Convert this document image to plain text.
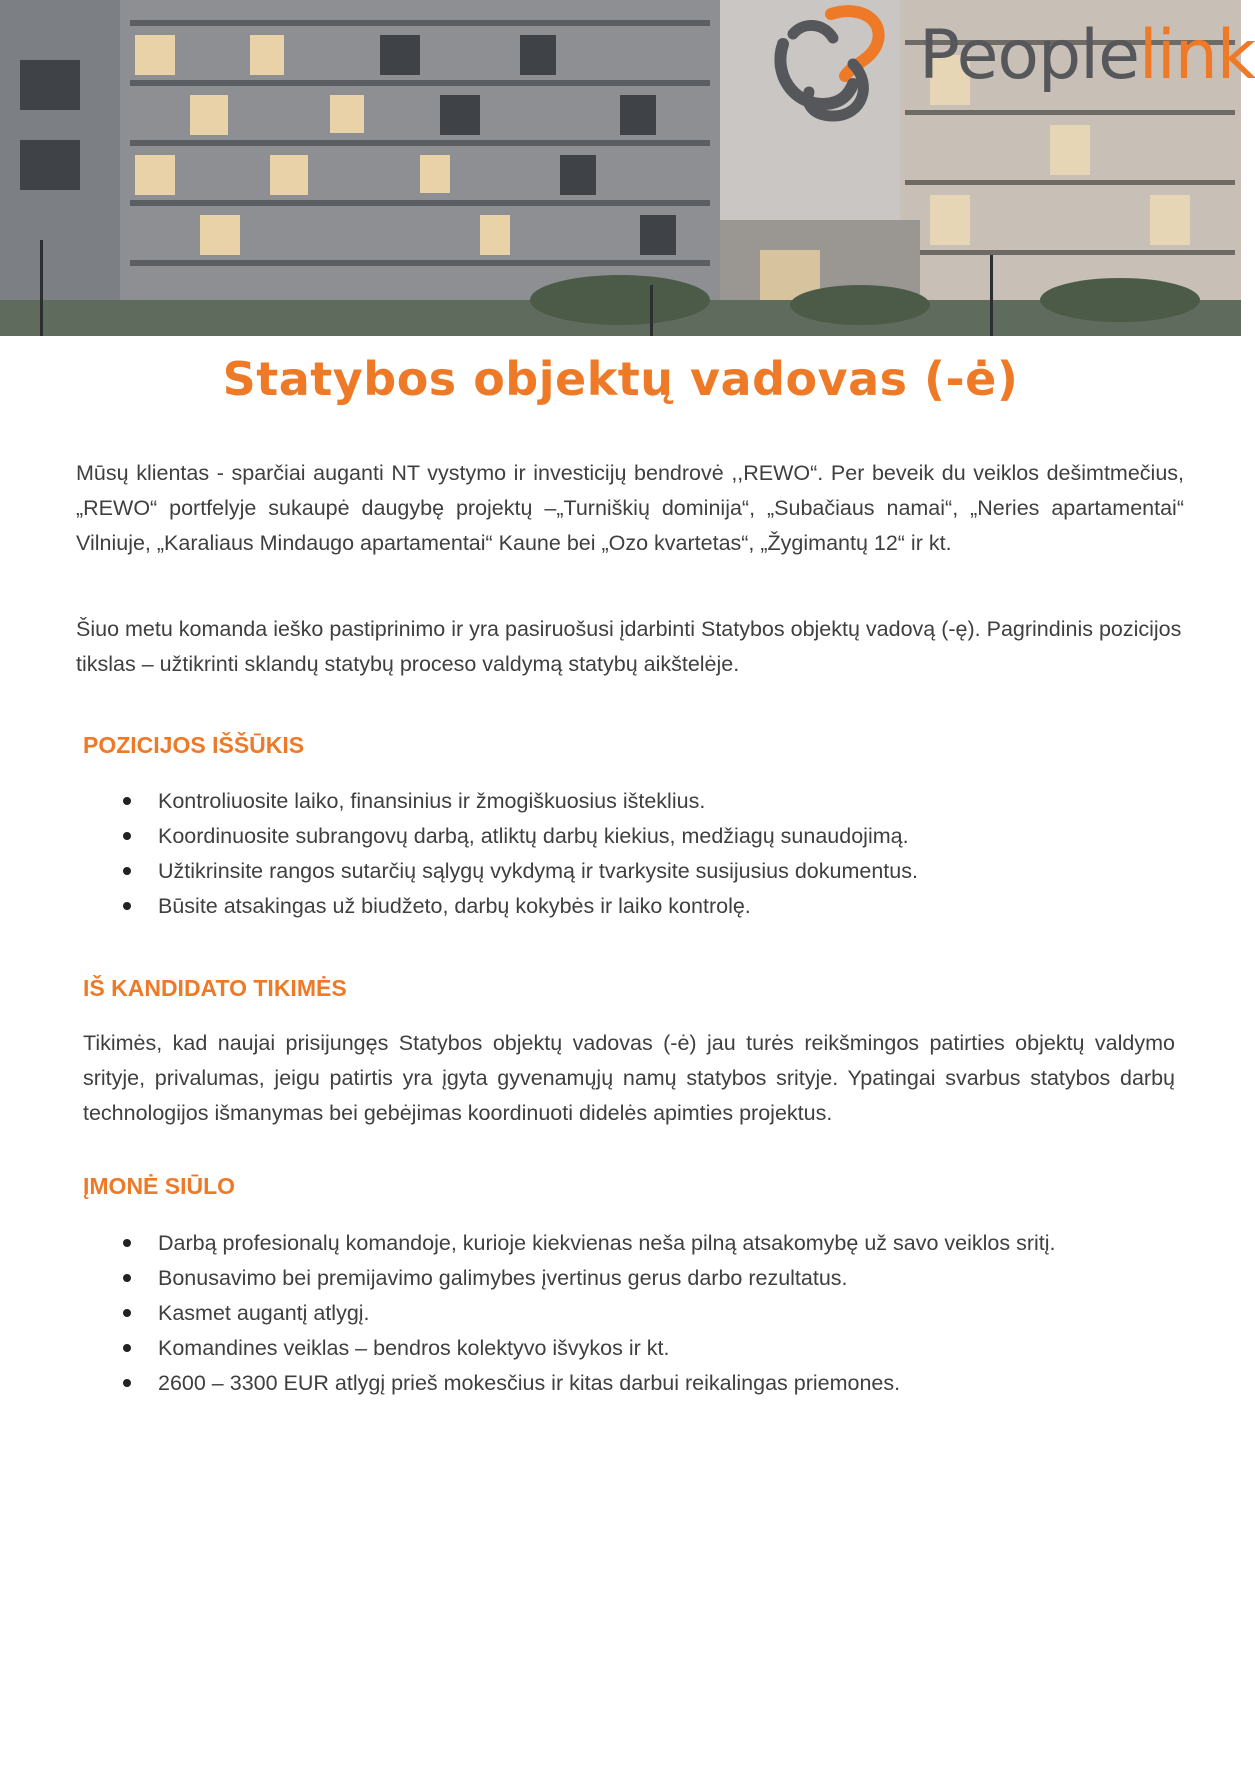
Peoplelink
Statybos objektų vadovas (-ė)
Mūsų klientas - sparčiai auganti NT vystymo ir investicijų bendrovė ,,REWO“. Per beveik du veiklos dešimtmečius, „REWO“ portfelyje sukaupė daugybę projektų –„Turniškių dominija“, „Subačiaus namai“, „Neries apartamentai“ Vilniuje, „Karaliaus Mindaugo apartamentai“ Kaune bei „Ozo kvartetas“, „Žygimantų 12“ ir kt.
Šiuo metu komanda ieško pastiprinimo ir yra pasiruošusi įdarbinti Statybos objektų vadovą (-ę). Pagrindinis pozicijos tikslas – užtikrinti sklandų statybų proceso valdymą statybų aikštelėje.
POZICIJOS IŠŠŪKIS
Kontroliuosite laiko, finansinius ir žmogiškuosius išteklius.
Koordinuosite subrangovų darbą, atliktų darbų kiekius, medžiagų sunaudojimą.
Užtikrinsite rangos sutarčių sąlygų vykdymą ir tvarkysite susijusius dokumentus.
Būsite atsakingas už biudžeto, darbų kokybės ir laiko kontrolę.
IŠ KANDIDATO TIKIMĖS
Tikimės, kad naujai prisijungęs Statybos objektų vadovas (-ė) jau turės reikšmingos patirties objektų valdymo srityje, privalumas, jeigu patirtis yra įgyta gyvenamųjų namų statybos srityje. Ypatingai svarbus statybos darbų technologijos išmanymas bei gebėjimas koordinuoti didelės apimties projektus.
ĮMONĖ SIŪLO
Darbą profesionalų komandoje, kurioje kiekvienas neša pilną atsakomybę už savo veiklos sritį.
Bonusavimo bei premijavimo galimybes įvertinus gerus darbo rezultatus.
Kasmet augantį atlygį.
Komandines veiklas – bendros kolektyvo išvykos ir kt.
2600 – 3300 EUR atlygį prieš mokesčius ir kitas darbui reikalingas priemones.
